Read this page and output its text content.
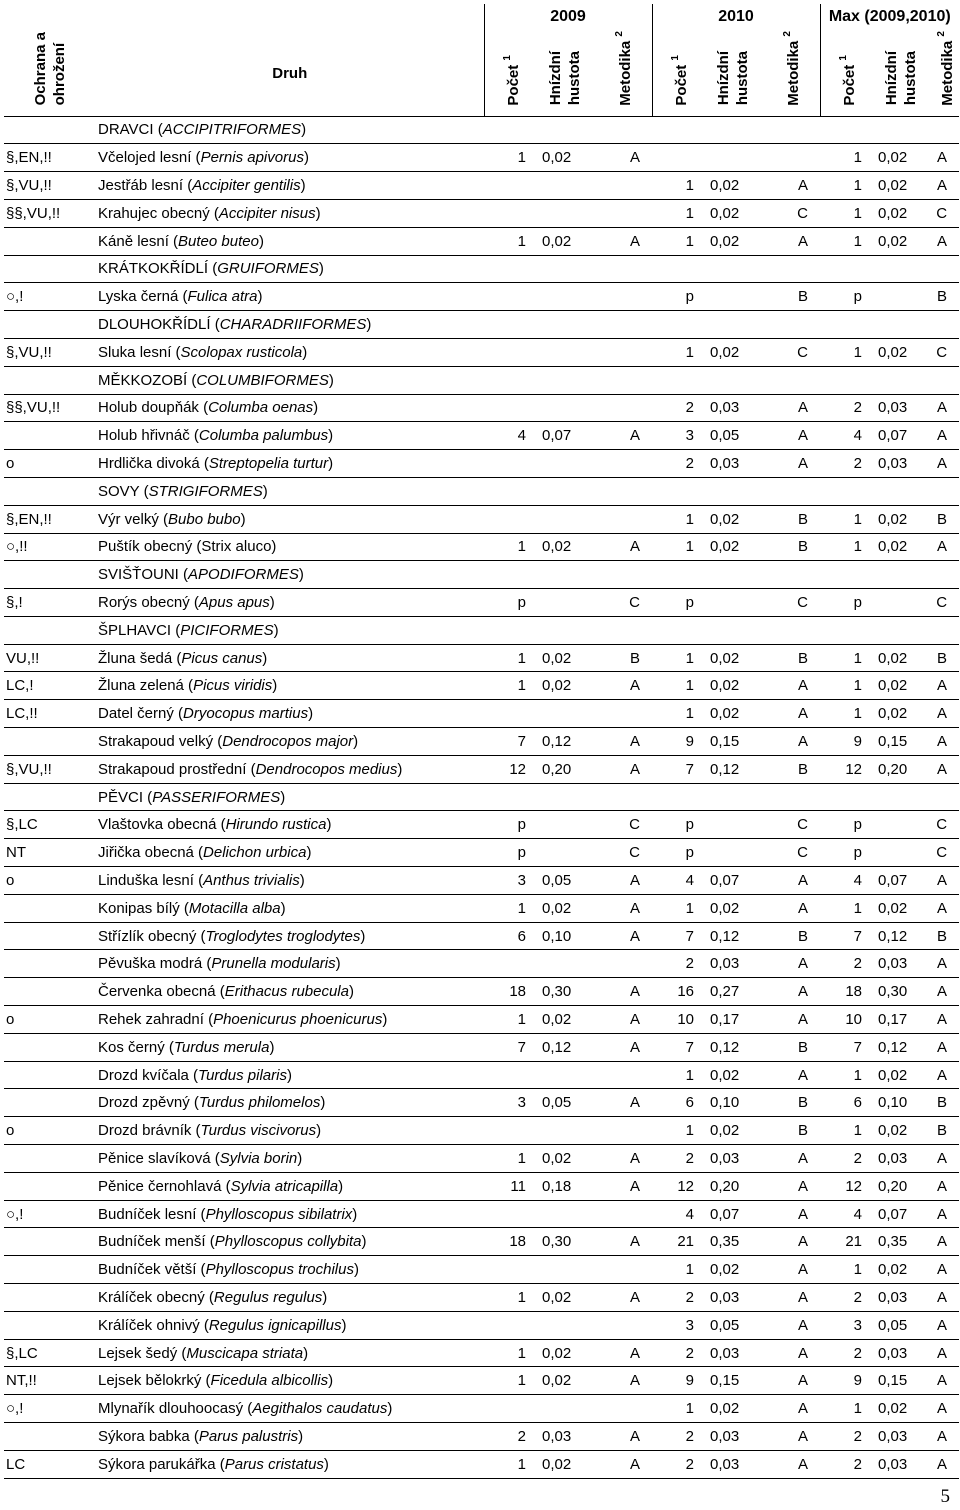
		2009			2010			Max (2009,2010)		
Ochrana a ohrožení	Druh	Počet $^1$	Hnízdní hustota	Metodika $^2$	Počet $^1$	Hnízdní hustota	Metodika $^2$	Počet $^1$	Hnízdní hustota	Metodika $^2$
	DRAVCI (ACCIPITRIFORMES)									
§,EN,!!	Včelojed lesní (Pernis apivorus)	1	0,02	A				1	0,02	A
§,VU,!!	Jestřáb lesní (Accipiter gentilis)				1	0,02	A	1	0,02	A
§§,VU,!!	Krahujec obecný (Accipiter nisus)				1	0,02	C	1	0,02	C
	Káně lesní (Buteo buteo)	1	0,02	A	1	0,02	A	1	0,02	A
	KRÁTKOKŘÍDLÍ (GRUIFORMES)									
○,!	Lyska černá (Fulica atra)				p		B	p		B
	DLOUHOKŘÍDLÍ (CHARADRIIFORMES)									
§,VU,!!	Sluka lesní (Scolopax rusticola)				1	0,02	C	1	0,02	C
	MĚKKOZOBÍ (COLUMBIFORMES)									
§§,VU,!!	Holub doupňák (Columba oenas)				2	0,03	A	2	0,03	A
	Holub hřivnáč (Columba palumbus)	4	0,07	A	3	0,05	A	4	0,07	A
o	Hrdlička divoká (Streptopelia turtur)				2	0,03	A	2	0,03	A
	SOVY (STRIGIFORMES)									
§,EN,!!	Výr velký (Bubo bubo)				1	0,02	B	1	0,02	B
○,!!	Puštík obecný (Strix aluco)	1	0,02	A	1	0,02	B	1	0,02	A
	SVIŠŤOUNI (APODIFORMES)									
§,!	Rorýs obecný (Apus apus)	p		C	p		C	p		C
	ŠPLHAVCI (PICIFORMES)									
VU,!!	Žluna šedá (Picus canus)	1	0,02	B	1	0,02	B	1	0,02	B
LC,!	Žluna zelená (Picus viridis)	1	0,02	A	1	0,02	A	1	0,02	A
LC,!!	Datel černý (Dryocopus martius)				1	0,02	A	1	0,02	A
	Strakapoud velký (Dendrocopos major)	7	0,12	A	9	0,15	A	9	0,15	A
§,VU,!!	Strakapoud prostřední (Dendrocopos medius)	12	0,20	A	7	0,12	B	12	0,20	A
	PĚVCI (PASSERIFORMES)									
§,LC	Vlaštovka obecná (Hirundo rustica)	p		C	p		C	p		C
NT	Jiřička obecná (Delichon urbica)	p		C	p		C	p		C
o	Linduška lesní (Anthus trivialis)	3	0,05	A	4	0,07	A	4	0,07	A
	Konipas bílý (Motacilla alba)	1	0,02	A	1	0,02	A	1	0,02	A
	Střízlík obecný (Troglodytes troglodytes)	6	0,10	A	7	0,12	B	7	0,12	B
	Pěvuška modrá (Prunella modularis)				2	0,03	A	2	0,03	A
	Červenka obecná (Erithacus rubecula)	18	0,30	A	16	0,27	A	18	0,30	A
o	Rehek zahradní (Phoenicurus phoenicurus)	1	0,02	A	10	0,17	A	10	0,17	A
	Kos černý (Turdus merula)	7	0,12	A	7	0,12	B	7	0,12	A
	Drozd kvíčala (Turdus pilaris)				1	0,02	A	1	0,02	A
	Drozd zpěvný (Turdus philomelos)	3	0,05	A	6	0,10	B	6	0,10	B
o	Drozd brávník (Turdus viscivorus)				1	0,02	B	1	0,02	B
	Pěnice slavíková (Sylvia borin)	1	0,02	A	2	0,03	A	2	0,03	A
	Pěnice černohlavá (Sylvia atricapilla)	11	0,18	A	12	0,20	A	12	0,20	A
○,!	Budníček lesní (Phylloscopus sibilatrix)				4	0,07	A	4	0,07	A
	Budníček menší (Phylloscopus collybita)	18	0,30	A	21	0,35	A	21	0,35	A
	Budníček větší (Phylloscopus trochilus)				1	0,02	A	1	0,02	A
	Králíček obecný (Regulus regulus)	1	0,02	A	2	0,03	A	2	0,03	A
	Králíček ohnivý (Regulus ignicapillus)				3	0,05	A	3	0,05	A
§,LC	Lejsek šedý (Muscicapa striata)	1	0,02	A	2	0,03	A	2	0,03	A
NT,!!	Lejsek bělokrký (Ficedula albicollis)	1	0,02	A	9	0,15	A	9	0,15	A
○,!	Mlynařík dlouhoocasý (Aegithalos caudatus)				1	0,02	A	1	0,02	A
	Sýkora babka (Parus palustris)	2	0,03	A	2	0,03	A	2	0,03	A
LC	Sýkora parukářka (Parus cristatus)	1	0,02	A	2	0,03	A	2	0,03	A
5
